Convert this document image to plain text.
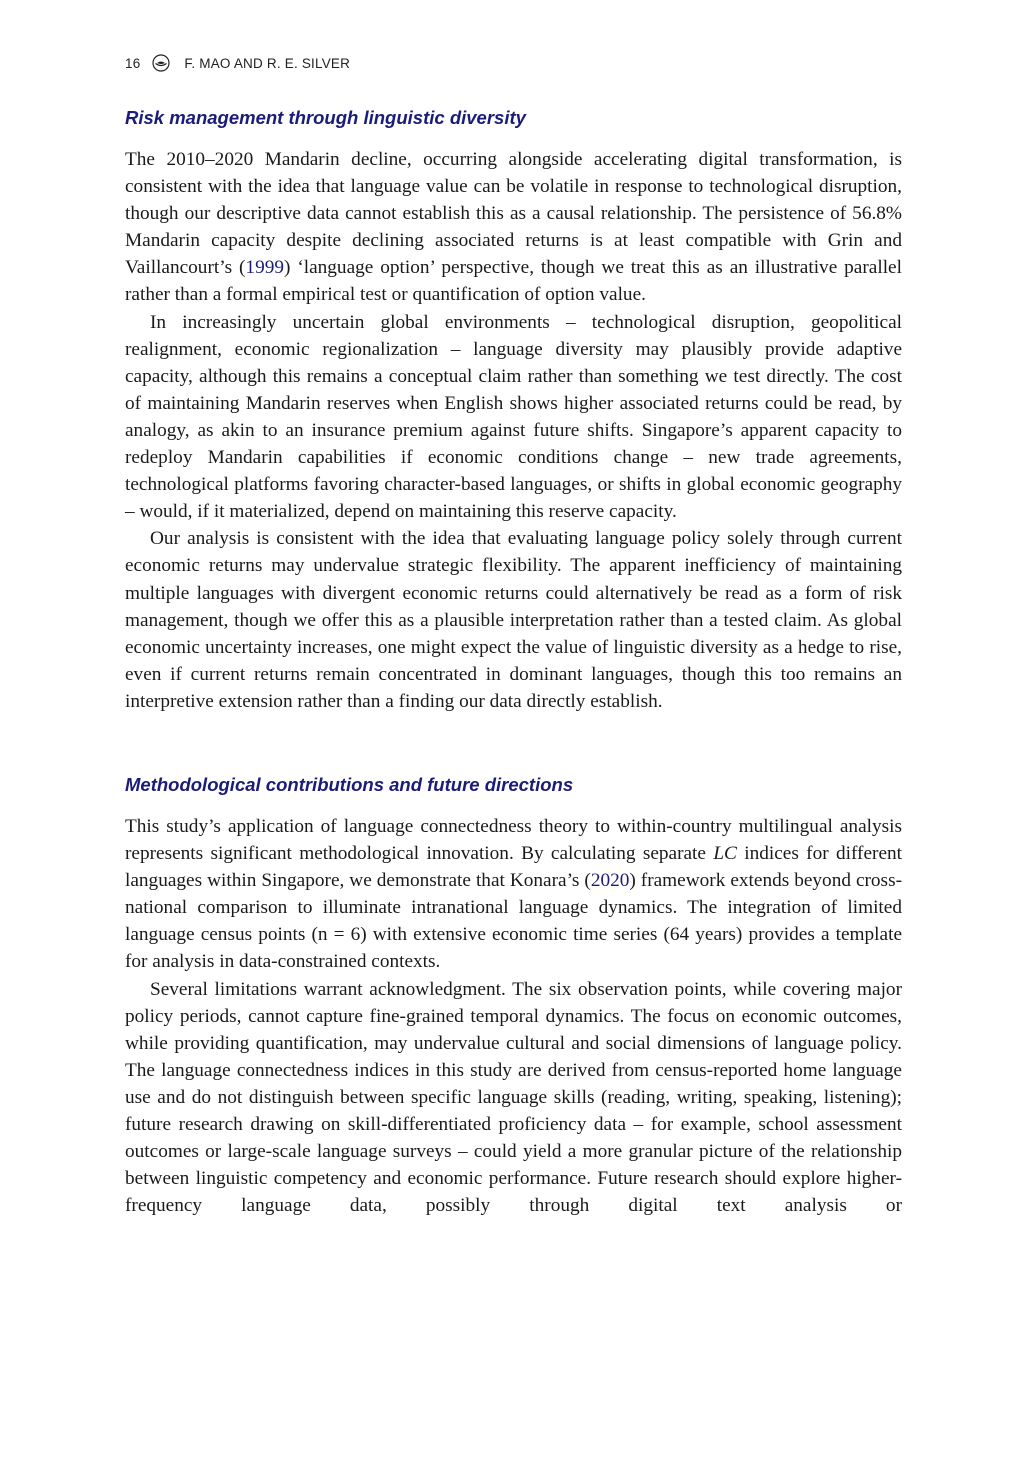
16	F. MAO AND R. E. SILVER
Risk management through linguistic diversity

The 2010–2020 Mandarin decline, occurring alongside accelerating digital transformation, is consistent with the idea that language value can be volatile in response to technological disruption, though our descriptive data cannot establish this as a causal relationship. The persistence of 56.8% Mandarin capacity despite declining associated returns is at least compatible with Grin and Vaillancourt’s (1999) ‘language option’ perspective, though we treat this as an illustrative parallel rather than a formal empirical test or quantification of option value.

In increasingly uncertain global environments – technological disruption, geopolitical realignment, economic regionalization – language diversity may plausibly provide adaptive capacity, although this remains a conceptual claim rather than something we test directly. The cost of maintaining Mandarin reserves when English shows higher associated returns could be read, by analogy, as akin to an insurance premium against future shifts. Singapore’s apparent capacity to redeploy Mandarin capabilities if economic conditions change – new trade agreements, technological platforms favoring character-based languages, or shifts in global economic geography – would, if it materialized, depend on maintaining this reserve capacity.

Our analysis is consistent with the idea that evaluating language policy solely through current economic returns may undervalue strategic flexibility. The apparent inefficiency of maintaining multiple languages with divergent economic returns could alternatively be read as a form of risk management, though we offer this as a plausible interpretation rather than a tested claim. As global economic uncertainty increases, one might expect the value of linguistic diversity as a hedge to rise, even if current returns remain concentrated in dominant languages, though this too remains an interpretive extension rather than a finding our data directly establish.

Methodological contributions and future directions

This study’s application of language connectedness theory to within-country multilingual analysis represents significant methodological innovation. By calculating separate LC indices for different languages within Singapore, we demonstrate that Konara’s (2020) framework extends beyond cross-national comparison to illuminate intranational language dynamics. The integration of limited language census points (n = 6) with extensive economic time series (64 years) provides a template for analysis in data-constrained contexts.

Several limitations warrant acknowledgment. The six observation points, while covering major policy periods, cannot capture fine-grained temporal dynamics. The focus on economic outcomes, while providing quantification, may undervalue cultural and social dimensions of language policy. The language connectedness indices in this study are derived from census-reported home language use and do not distinguish between specific language skills (reading, writing, speaking, listening); future research drawing on skill-differentiated proficiency data – for example, school assessment outcomes or large-scale language surveys – could yield a more granular picture of the relationship between linguistic competency and economic performance. Future research should explore higher-frequency language data, possibly through digital text analysis or
